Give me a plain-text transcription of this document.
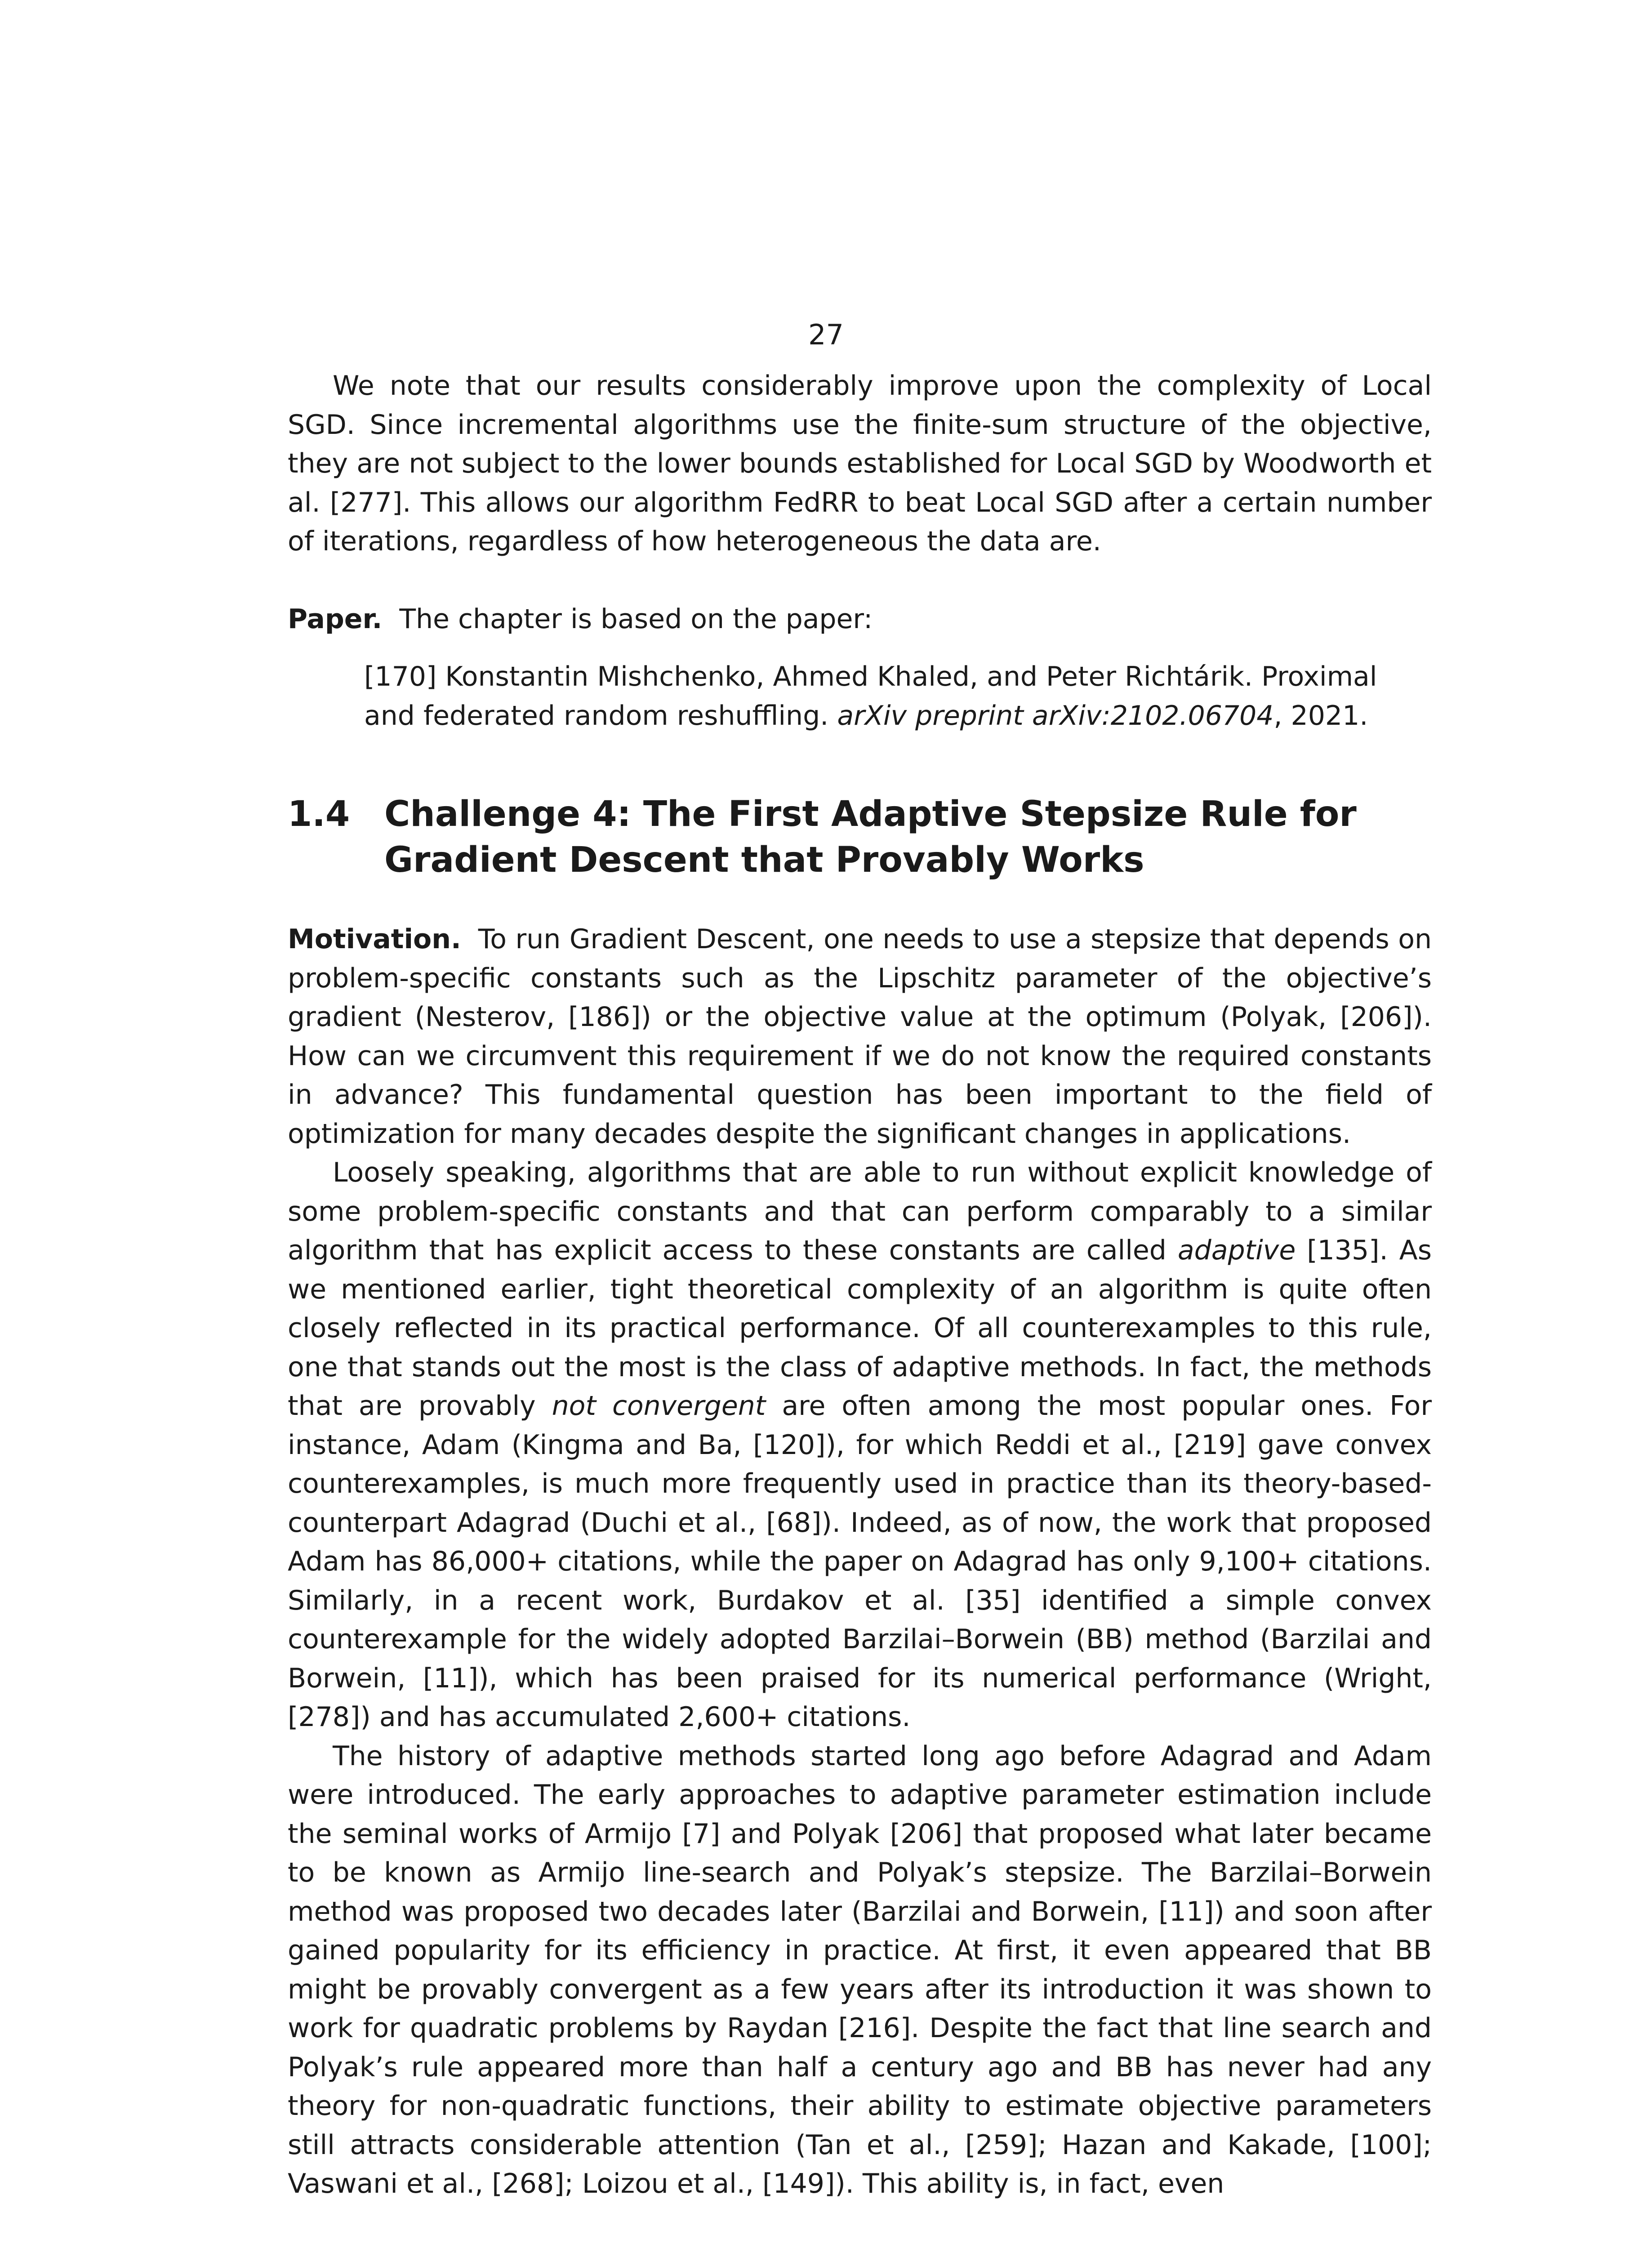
27

We note that our results considerably improve upon the complexity of Local SGD. Since incremental algorithms use the finite-sum structure of the objective, they are not subject to the lower bounds established for Local SGD by Woodworth et al. [277]. This allows our algorithm FedRR to beat Local SGD after a certain number of iterations, regardless of how heterogeneous the data are.

Paper. The chapter is based on the paper:

[170] Konstantin Mishchenko, Ahmed Khaled, and Peter Richtárik. Proximal
and federated random reshuffling. arXiv preprint arXiv:2102.06704, 2021.
1.4 Challenge 4: The First Adaptive Stepsize Rule for Gradient Descent that Provably Works

Motivation. To run Gradient Descent, one needs to use a stepsize that depends on problem-specific constants such as the Lipschitz parameter of the objective’s gradient (Nesterov, [186]) or the objective value at the optimum (Polyak, [206]). How can we circumvent this requirement if we do not know the required constants in advance? This fundamental question has been important to the field of optimization for many decades despite the significant changes in applications.

Loosely speaking, algorithms that are able to run without explicit knowledge of some problem-specific constants and that can perform comparably to a similar algorithm that has explicit access to these constants are called adaptive [135]. As we mentioned earlier, tight theoretical complexity of an algorithm is quite often closely reflected in its practical performance. Of all counterexamples to this rule, one that stands out the most is the class of adaptive methods. In fact, the methods that are provably not convergent are often among the most popular ones. For instance, Adam (Kingma and Ba, [120]), for which Reddi et al., [219] gave convex counterexamples, is much more frequently used in practice than its theory-based-counterpart Adagrad (Duchi et al., [68]). Indeed, as of now, the work that proposed Adam has 86,000+ citations, while the paper on Adagrad has only 9,100+ citations. Similarly, in a recent work, Burdakov et al. [35] identified a simple convex counterexample for the widely adopted Barzilai–Borwein (BB) method (Barzilai and Borwein, [11]), which has been praised for its numerical performance (Wright, [278]) and has accumulated 2,600+ citations.

The history of adaptive methods started long ago before Adagrad and Adam were introduced. The early approaches to adaptive parameter estimation include the seminal works of Armijo [7] and Polyak [206] that proposed what later became to be known as Armijo line-search and Polyak’s stepsize. The Barzilai–Borwein method was proposed two decades later (Barzilai and Borwein, [11]) and soon after gained popularity for its efficiency in practice. At first, it even appeared that BB might be provably convergent as a few years after its introduction it was shown to work for quadratic problems by Raydan [216]. Despite the fact that line search and Polyak’s rule appeared more than half a century ago and BB has never had any theory for non-quadratic functions, their ability to estimate objective parameters still attracts considerable attention (Tan et al., [259]; Hazan and Kakade, [100]; Vaswani et al., [268]; Loizou et al., [149]). This ability is, in fact, even
